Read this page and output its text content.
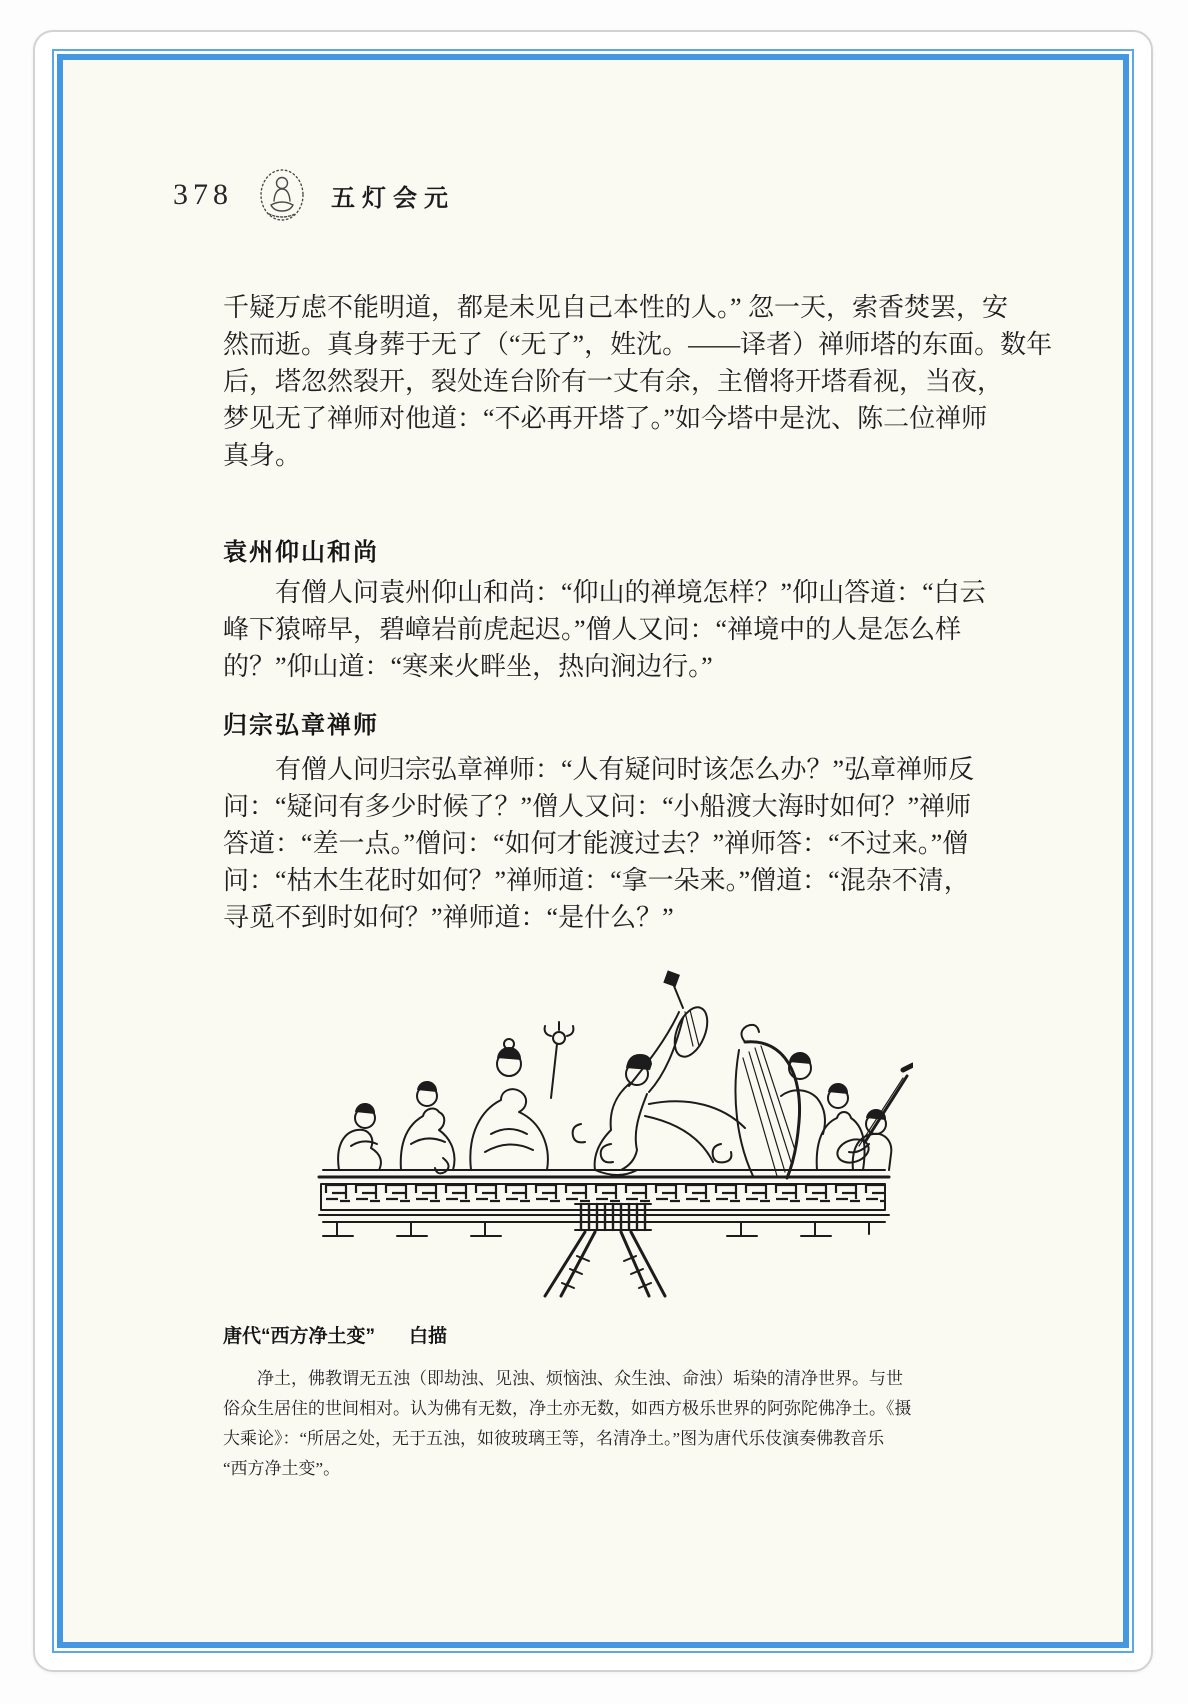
378	五灯会元
千疑万虑不能明道，都是未见自己本性的人。” 忽一天，索香焚罢，安
然而逝。真身葬于无了（“无了”，姓沈。——译者）禅师塔的东面。数年
后，塔忽然裂开，裂处连台阶有一丈有余，主僧将开塔看视，当夜，
梦见无了禅师对他道：“不必再开塔了。”如今塔中是沈、陈二位禅师
真身。
袁州仰山和尚
有僧人问袁州仰山和尚：“仰山的禅境怎样？”仰山答道：“白云
峰下猿啼早，碧嶂岩前虎起迟。”僧人又问：“禅境中的人是怎么样
的？”仰山道：“寒来火畔坐，热向涧边行。”
归宗弘章禅师
有僧人问归宗弘章禅师：“人有疑问时该怎么办？”弘章禅师反
问：“疑问有多少时候了？”僧人又问：“小船渡大海时如何？”禅师
答道：“差一点。”僧问：“如何才能渡过去？”禅师答：“不过来。”僧
问：“枯木生花时如何？”禅师道：“拿一朵来。”僧道：“混杂不清，
寻觅不到时如何？”禅师道：“是什么？”
唐代“西方净土变” 白描
净土，佛教谓无五浊（即劫浊、见浊、烦恼浊、众生浊、命浊）垢染的清净世界。与世
俗众生居住的世间相对。认为佛有无数，净土亦无数，如西方极乐世界的阿弥陀佛净土。《摄
大乘论》：“所居之处，无于五浊，如彼玻璃王等，名清净土。”图为唐代乐伎演奏佛教音乐
“西方净土变”。
